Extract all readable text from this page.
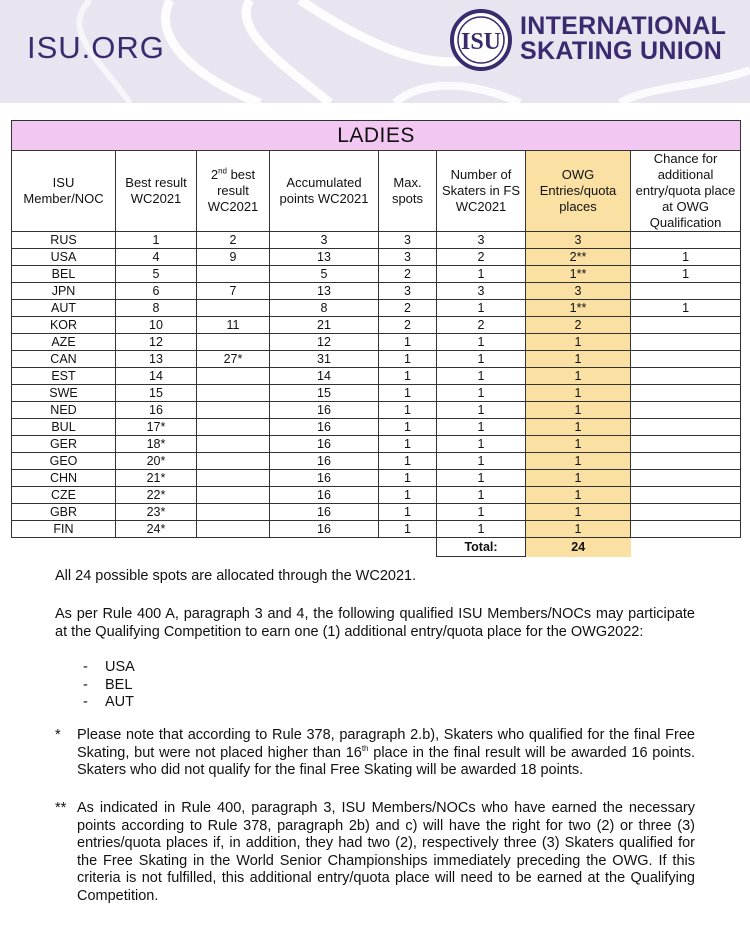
ISU.ORG	ISU
INTERNATIONAL
SKATING UNION
LADIES							
ISU Member/NOC	Best result WC2021	2nd best result WC2021	Accumulated points WC2021	Max. spots	Number of Skaters in FS WC2021	OWG Entries/quota places	Chance for additional entry/quota place at OWG Qualification
RUS	1	2	3	3	3	3	
USA	4	9	13	3	2	2**	1
BEL	5		5	2	1	1**	1
JPN	6	7	13	3	3	3	
AUT	8		8	2	1	1**	1
KOR	10	11	21	2	2	2	
AZE	12		12	1	1	1	
CAN	13	27*	31	1	1	1	
EST	14		14	1	1	1	
SWE	15		15	1	1	1	
NED	16		16	1	1	1	
BUL	17*		16	1	1	1	
GER	18*		16	1	1	1	
GEO	20*		16	1	1	1	
CHN	21*		16	1	1	1	
CZE	22*		16	1	1	1	
GBR	23*		16	1	1	1	
FIN	24*		16	1	1	1	
					Total:	24	

All 24 possible spots are allocated through the WC2021.

As per Rule 400 A, paragraph 3 and 4, the following qualified ISU Members/NOCs may participate at the Qualifying Competition to earn one (1) additional entry/quota place for the OWG2022:

- USA
- BEL
- AUT
* Please note that according to Rule 378, paragraph 2.b), Skaters who qualified for the final Free Skating, but were not placed higher than 16th place in the final result will be awarded 16 points. Skaters who did not qualify for the final Free Skating will be awarded 18 points.
** As indicated in Rule 400, paragraph 3, ISU Members/NOCs who have earned the necessary points according to Rule 378, paragraph 2b) and c) will have the right for two (2) or three (3) entries/quota places if, in addition, they had two (2), respectively three (3) Skaters qualified for the Free Skating in the World Senior Championships immediately preceding the OWG. If this criteria is not fulfilled, this additional entry/quota place will need to be earned at the Qualifying Competition.
